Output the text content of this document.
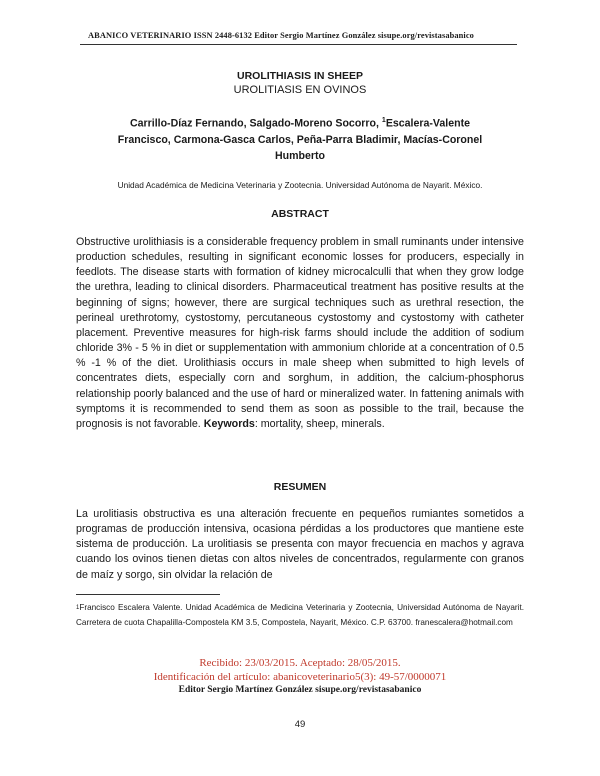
ABANICO VETERINARIO ISSN 2448-6132 Editor Sergio Martínez González sisupe.org/revistasabanico
UROLITHIASIS IN SHEEP
UROLITIASIS EN OVINOS
Carrillo-Díaz Fernando, Salgado-Moreno Socorro, $^1$Escalera-Valente
Francisco, Carmona-Gasca Carlos, Peña-Parra Bladimir, Macías-Coronel
Humberto
Unidad Académica de Medicina Veterinaria y Zootecnia. Universidad Autónoma de Nayarit. México.
ABSTRACT

Obstructive urolithiasis is a considerable frequency problem in small ruminants under intensive production schedules, resulting in significant economic losses for producers, especially in feedlots. The disease starts with formation of kidney microcalculli that when they grow lodge the urethra, leading to clinical disorders. Pharmaceutical treatment has positive results at the beginning of signs; however, there are surgical techniques such as urethral resection, the perineal urethrotomy, cystostomy, percutaneous cystostomy and cystostomy with catheter placement. Preventive measures for high-risk farms should include the addition of sodium chloride 3% - 5 % in diet or supplementation with ammonium chloride at a concentration of 0.5 % -1 % of the diet. Urolithiasis occurs in male sheep when submitted to high levels of concentrates diets, especially corn and sorghum, in addition, the calcium-phosphorus relationship poorly balanced and the use of hard or mineralized water. In fattening animals with symptoms it is recommended to send them as soon as possible to the trail, because the prognosis is not favorable. Keywords: mortality, sheep, minerals.

RESUMEN

La urolitiasis obstructiva es una alteración frecuente en pequeños rumiantes sometidos a programas de producción intensiva, ocasiona pérdidas a los productores que mantiene este sistema de producción. La urolitiasis se presenta con mayor frecuencia en machos y agrava cuando los ovinos tienen dietas con altos niveles de concentrados, regularmente con granos de maíz y sorgo, sin olvidar la relación de

$^1$Francisco Escalera Valente. Unidad Académica de Medicina Veterinaria y Zootecnia, Universidad Autónoma de Nayarit. Carretera de cuota Chapalilla-Compostela KM 3.5, Compostela, Nayarit, México. C.P. 63700. franescalera@hotmail.com

Recibido: 23/03/2015. Aceptado: 28/05/2015.
Identificación del artículo: abanicoveterinario5(3): 49-57/0000071
Editor Sergio Martínez González sisupe.org/revistasabanico
49
